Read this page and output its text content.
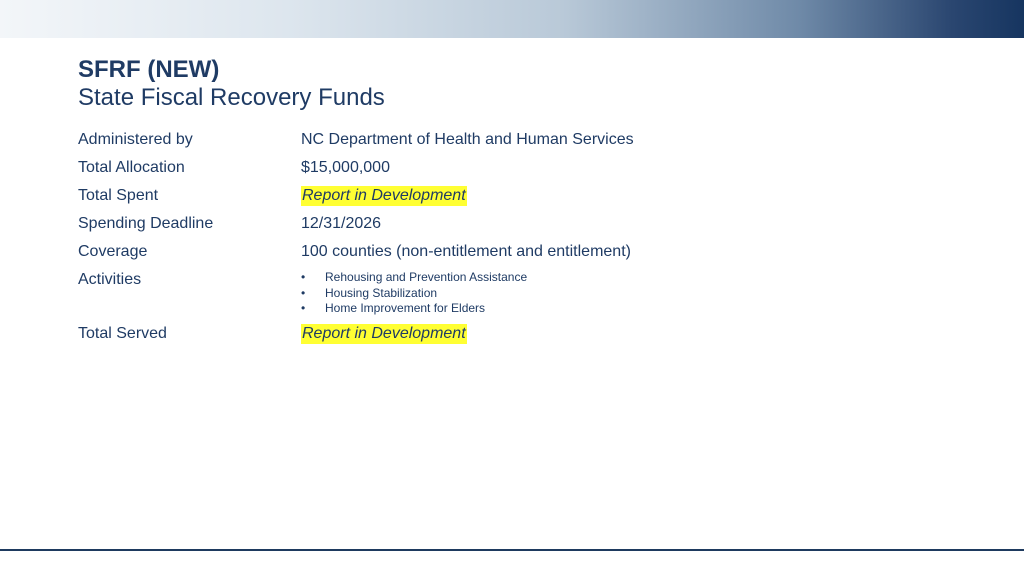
SFRF (NEW)
State Fiscal Recovery Funds
Administered by	NC Department of Health and Human Services
Total Allocation	$15,000,000
Total Spent	Report in Development
Spending Deadline	12/31/2026
Coverage	100 counties (non-entitlement and entitlement)
Activities	• Rehousing and Prevention Assistance
• Housing Stabilization
• Home Improvement for Elders
Total Served	Report in Development
